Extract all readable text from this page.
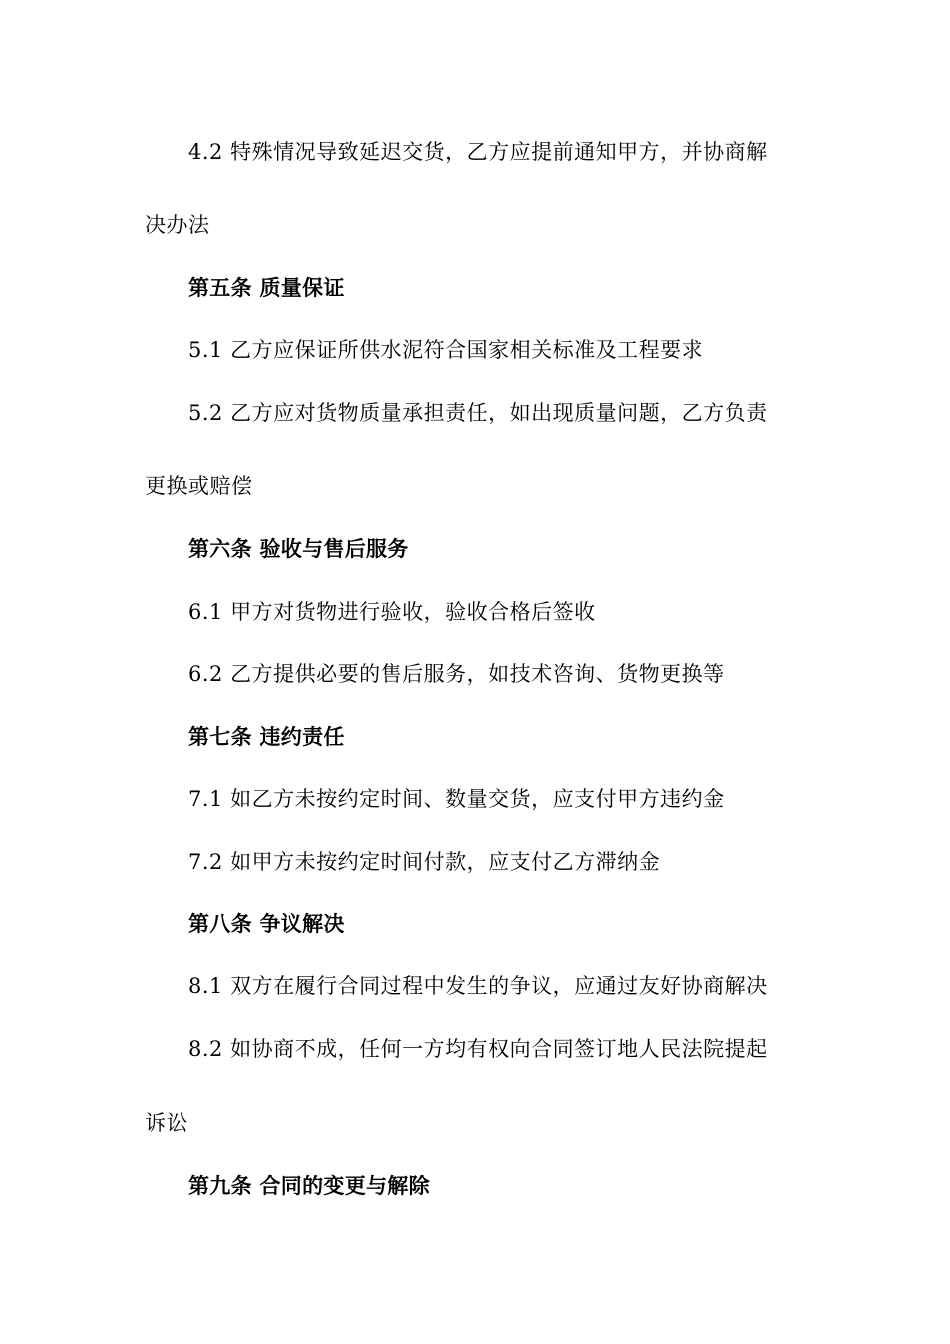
4.2 特殊情况导致延迟交货，乙方应提前通知甲方，并协商解
决办法
第五条 质量保证
5.1 乙方应保证所供水泥符合国家相关标准及工程要求
5.2 乙方应对货物质量承担责任，如出现质量问题，乙方负责
更换或赔偿
第六条 验收与售后服务
6.1 甲方对货物进行验收，验收合格后签收
6.2 乙方提供必要的售后服务，如技术咨询、货物更换等
第七条 违约责任
7.1 如乙方未按约定时间、数量交货，应支付甲方违约金
7.2 如甲方未按约定时间付款，应支付乙方滞纳金
第八条 争议解决
8.1 双方在履行合同过程中发生的争议，应通过友好协商解决
8.2 如协商不成，任何一方均有权向合同签订地人民法院提起
诉讼
第九条 合同的变更与解除
